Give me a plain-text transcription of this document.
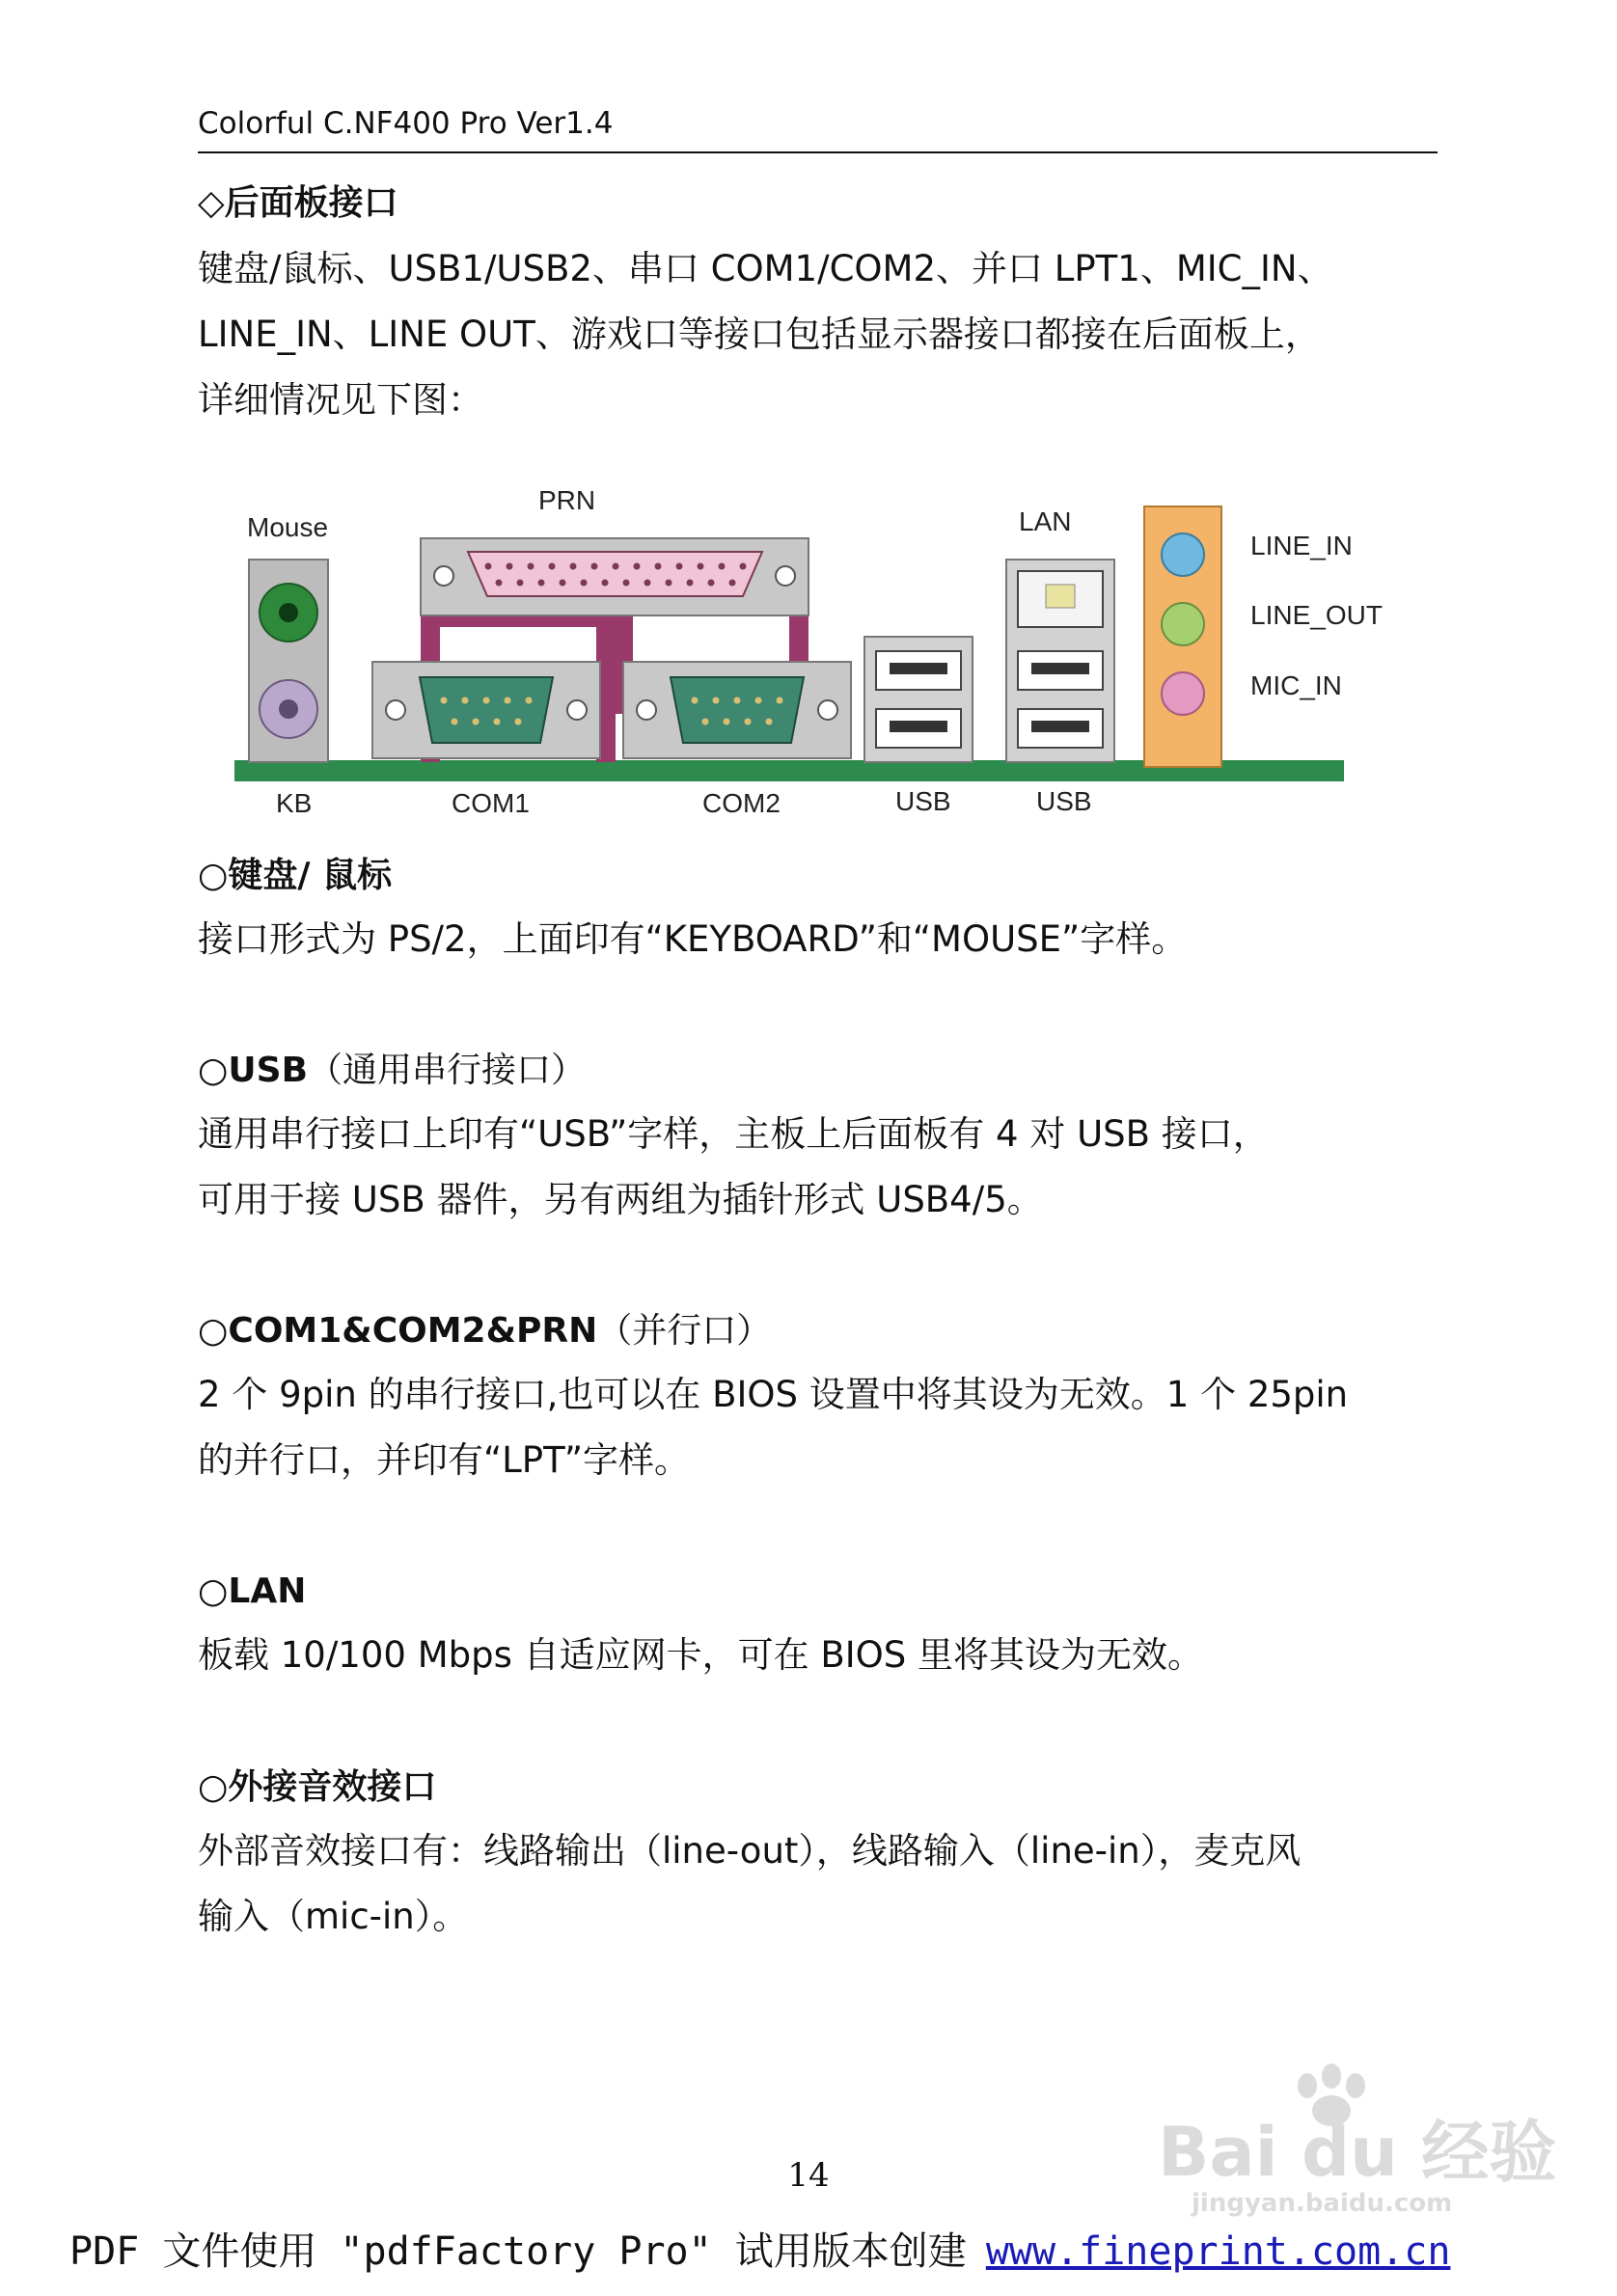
Colorful C.NF400 Pro Ver1.4
◇后面板接口
键盘/鼠标、USB1/USB2、串口 COM1/COM2、并口 LPT1、MIC_IN、
LINE_IN、LINE OUT、游戏口等接口包括显示器接口都接在后面板上，
详细情况见下图：
Mouse
PRN
LAN
LINE_IN
LINE_OUT
MIC_IN
KB	COM1	COM2	USB	USB
○键盘/ 鼠标
接口形式为 PS/2，上面印有“KEYBOARD”和“MOUSE”字样。
○USB（通用串行接口）
通用串行接口上印有“USB”字样，主板上后面板有 4 对 USB 接口，
可用于接 USB 器件，另有两组为插针形式 USB4/5。
○COM1&COM2&PRN（并行口）
2 个 9pin 的串行接口,也可以在 BIOS 设置中将其设为无效。1 个 25pin
的并行口，并印有“LPT”字样。
○LAN
板载 10/100 Mbps 自适应网卡，可在 BIOS 里将其设为无效。
○外接音效接口
外部音效接口有：线路输出（line-out），线路输入（line-in），麦克风
输入（mic-in）。
Bai du 经验
jingyan.baidu.com
14
PDF 文件使用 "pdfFactory Pro" 试用版本创建 www.fineprint.com.cn
